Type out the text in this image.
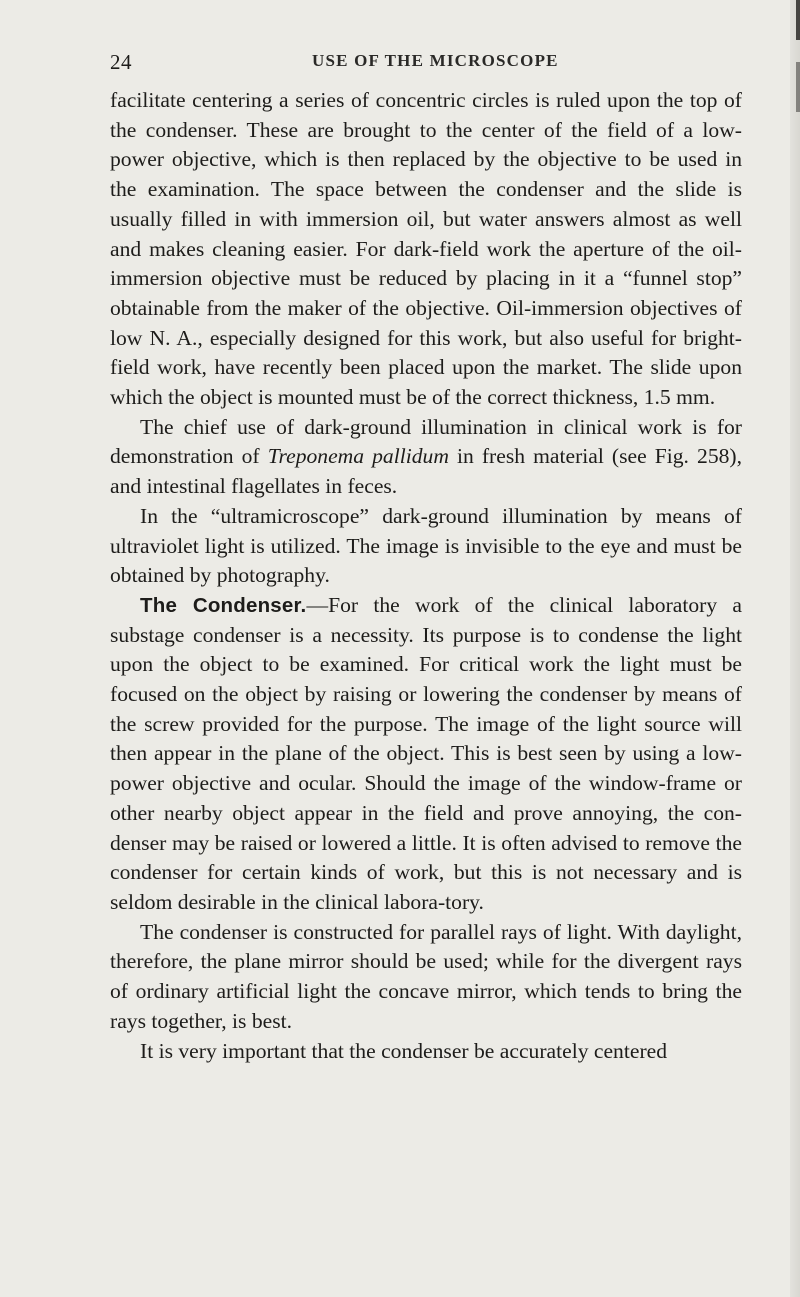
24	USE OF THE MICROSCOPE

facilitate centering a series of concentric circles is ruled upon the top of the condenser. These are brought to the center of the field of a low-power objective, which is then replaced by the objective to be used in the examination. The space between the condenser and the slide is usually filled in with immersion oil, but water answers almost as well and makes cleaning easier. For dark-field work the aperture of the oil-immersion objective must be reduced by placing in it a “funnel stop” obtainable from the maker of the objective. Oil-immersion objectives of low N. A., especially designed for this work, but also useful for bright-field work, have recently been placed upon the market. The slide upon which the object is mounted must be of the correct thickness, 1.5 mm.

The chief use of dark-ground illumination in clinical work is for demonstration of Treponema pallidum in fresh material (see Fig. 258), and intestinal flagellates in feces.

In the “ultramicroscope” dark-ground illumination by means of ultraviolet light is utilized. The image is invisible to the eye and must be obtained by photography.

The Condenser.—For the work of the clinical laboratory a substage condenser is a necessity. Its purpose is to condense the light upon the object to be examined. For critical work the light must be focused on the object by raising or lowering the condenser by means of the screw provided for the purpose. The image of the light source will then appear in the plane of the object. This is best seen by using a low-power objective and ocular. Should the image of the window-frame or other nearby object appear in the field and prove annoying, the con-denser may be raised or lowered a little. It is often advised to remove the condenser for certain kinds of work, but this is not necessary and is seldom desirable in the clinical labora-tory.

The condenser is constructed for parallel rays of light. With daylight, therefore, the plane mirror should be used; while for the divergent rays of ordinary artificial light the concave mirror, which tends to bring the rays together, is best.

It is very important that the condenser be accurately centered
